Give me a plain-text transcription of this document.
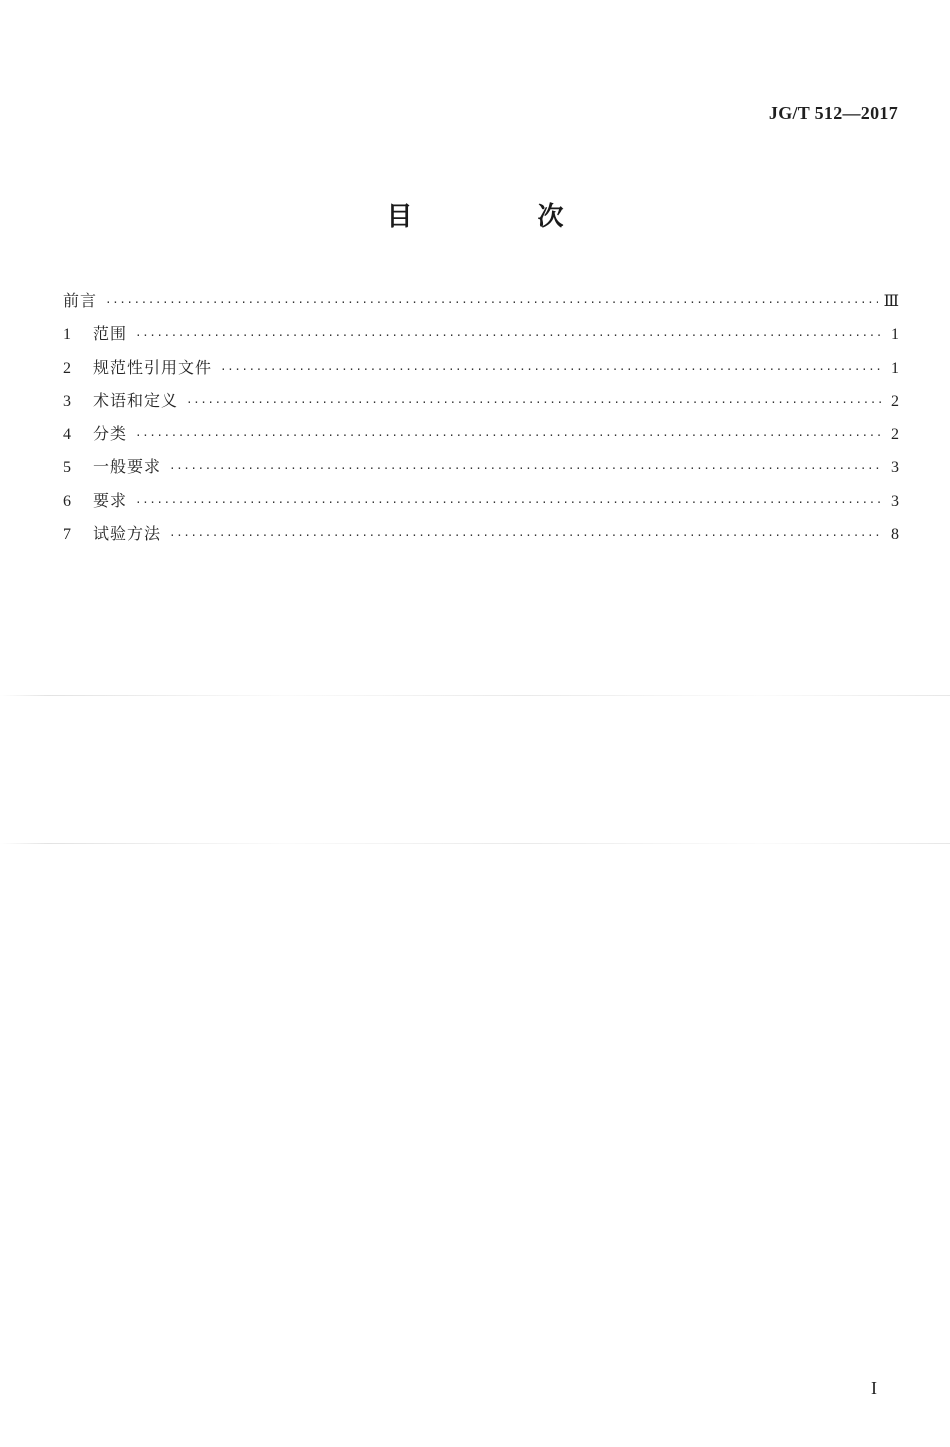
JG/T 512—2017
目 次
前言 ·····	Ⅲ
1	范围 ·····	1
2	规范性引用文件 ·····	1
3	术语和定义 ·····	2
4	分类 ·····	2
5	一般要求 ·····	3
6	要求 ·····	3
7	试验方法 ·····	8
I
